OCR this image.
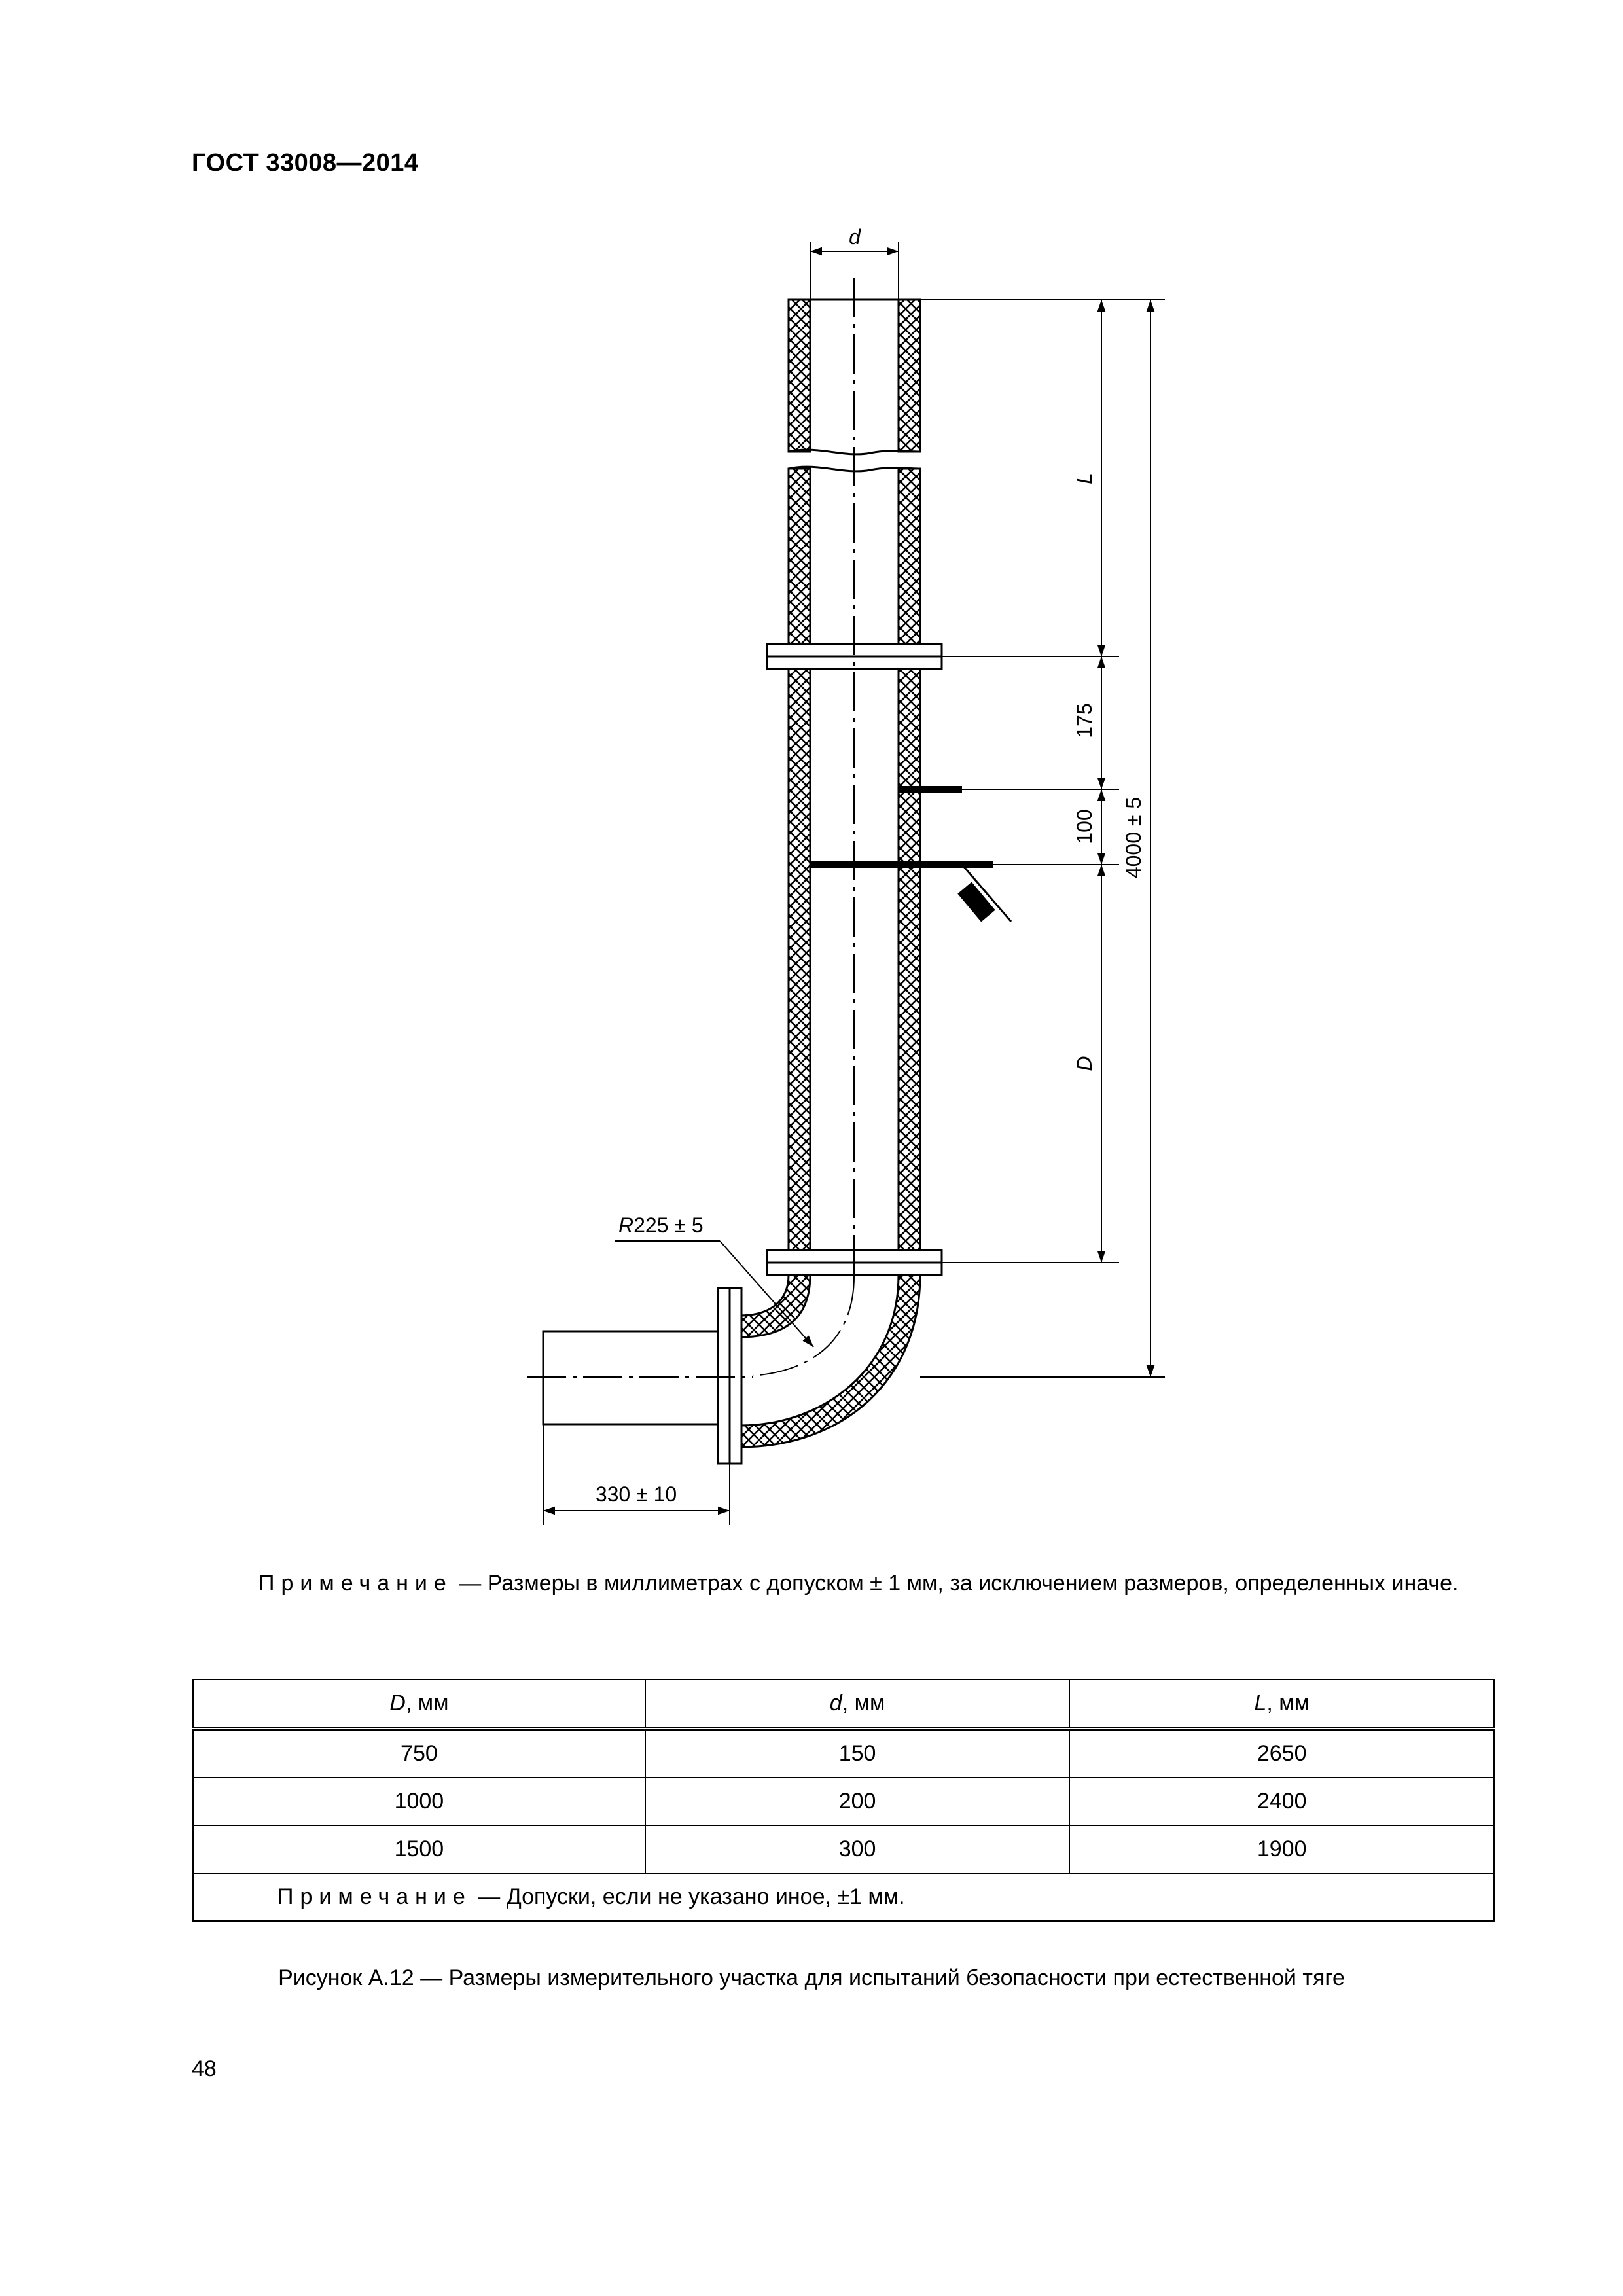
ГОСТ 33008—2014
d
L
175
100
D
4000 ± 5
R225 ± 5
330 ± 10
Примечание — Размеры в миллиметрах с допуском ± 1 мм, за исключением размеров, определенных иначе.
D, мм	d, мм	L, мм
750	150	2650
1000	200	2400
1500	300	1900
Примечание — Допуски, если не указано иное, ±1 мм.		
Рисунок А.12 — Размеры измерительного участка для испытаний безопасности при естественной тяге
48
